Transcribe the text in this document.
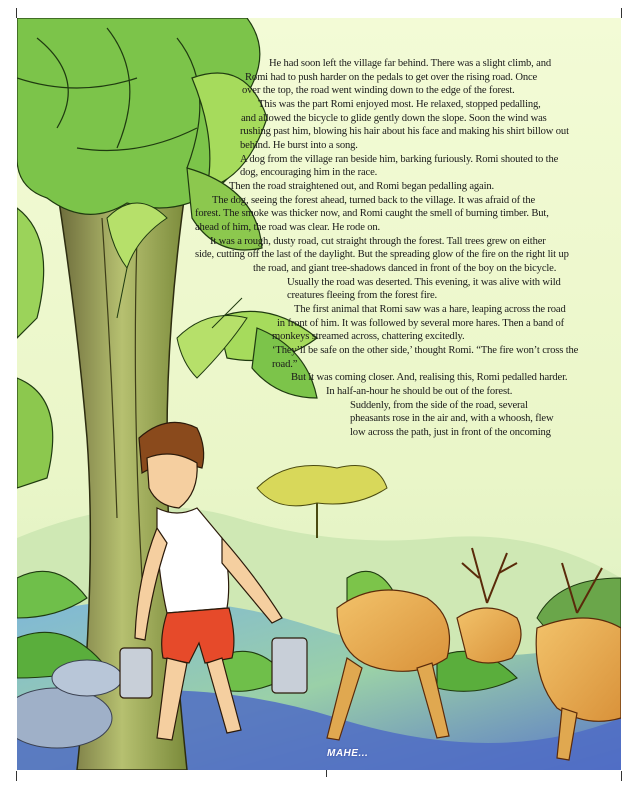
He had soon left the village far behind. There was a slight climb, and
Romi had to push harder on the pedals to get over the rising road. Once
over the top, the road went winding down to the edge of the forest.
This was the part Romi enjoyed most. He relaxed, stopped pedalling,
and allowed the bicycle to glide gently down the slope. Soon the wind was
rushing past him, blowing his hair about his face and making his shirt billow out
behind. He burst into a song.
A dog from the village ran beside him, barking furiously. Romi shouted to the
dog, encouraging him in the race.
Then the road straightened out, and Romi began pedalling again.
The dog, seeing the forest ahead, turned back to the village. It was afraid of the
forest. The smoke was thicker now, and Romi caught the smell of burning timber. But,
ahead of him, the road was clear. He rode on.
It was a rough, dusty road, cut straight through the forest. Tall trees grew on either
side, cutting off the last of the daylight. But the spreading glow of the fire on the right lit up
the road, and giant tree-shadows danced in front of the boy on the bicycle.
Usually the road was deserted. This evening, it was alive with wild
creatures fleeing from the forest fire.
The first animal that Romi saw was a hare, leaping across the road
in front of him. It was followed by several more hares. Then a band of
monkeys streamed across, chattering excitedly.
‘They’ll be safe on the other side,’ thought Romi. “The fire won’t cross the
road.”
But it was coming closer. And, realising this, Romi pedalled harder.
In half-an-hour he should be out of the forest.
Suddenly, from the side of the road, several
pheasants rose in the air and, with a whoosh, flew
low across the path, just in front of the oncoming
MAHE...
